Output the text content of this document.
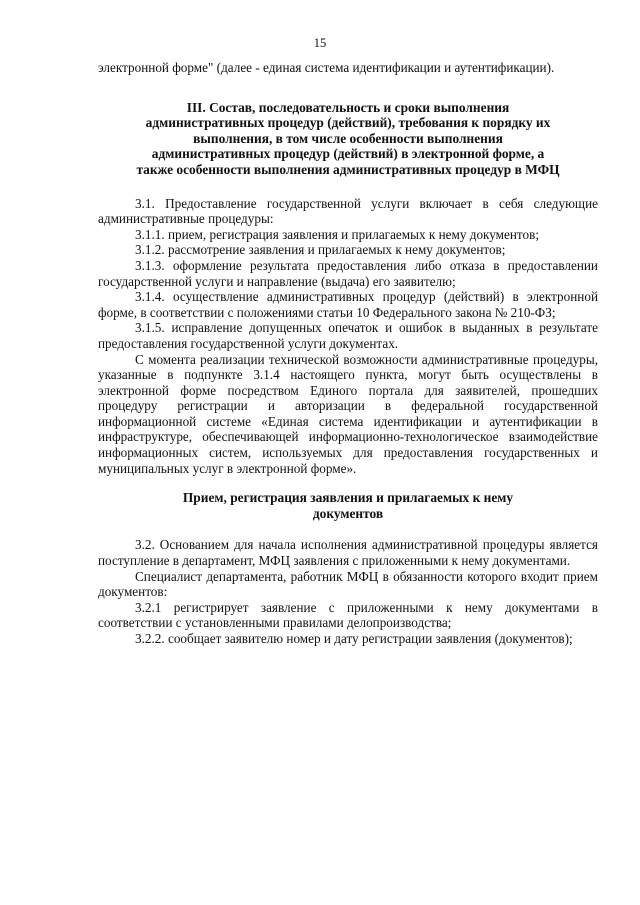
15

электронной форме" (далее - единая система идентификации и аутентификации).

III. Состав, последовательность и сроки выполнения административных процедур (действий), требования к порядку их выполнения, в том числе особенности выполнения административных процедур (действий) в электронной форме, а также особенности выполнения административных процедур в МФЦ

3.1. Предоставление государственной услуги включает в себя следующие административные процедуры:

3.1.1. прием, регистрация заявления и прилагаемых к нему документов;

3.1.2. рассмотрение заявления и прилагаемых к нему документов;

3.1.3. оформление результата предоставления либо отказа в предоставлении государственной услуги и направление (выдача) его заявителю;

3.1.4. осуществление административных процедур (действий) в электронной форме, в соответствии с положениями статьи 10 Федерального закона № 210-ФЗ;

3.1.5. исправление допущенных опечаток и ошибок в выданных в результате предоставления государственной услуги документах.

С момента реализации технической возможности административные процедуры, указанные в подпункте 3.1.4 настоящего пункта, могут быть осуществлены в электронной форме посредством Единого портала для заявителей, прошедших процедуру регистрации и авторизации в федеральной государственной информационной системе «Единая система идентификации и аутентификации в инфраструктуре, обеспечивающей информационно-технологическое взаимодействие информационных систем, используемых для предоставления государственных и муниципальных услуг в электронной форме».

Прием, регистрация заявления и прилагаемых к нему документов

3.2. Основанием для начала исполнения административной процедуры является поступление в департамент, МФЦ заявления с приложенными к нему документами.

Специалист департамента, работник МФЦ в обязанности которого входит прием документов:

3.2.1 регистрирует заявление с приложенными к нему документами в соответствии с установленными правилами делопроизводства;

3.2.2. сообщает заявителю номер и дату регистрации заявления (документов);
